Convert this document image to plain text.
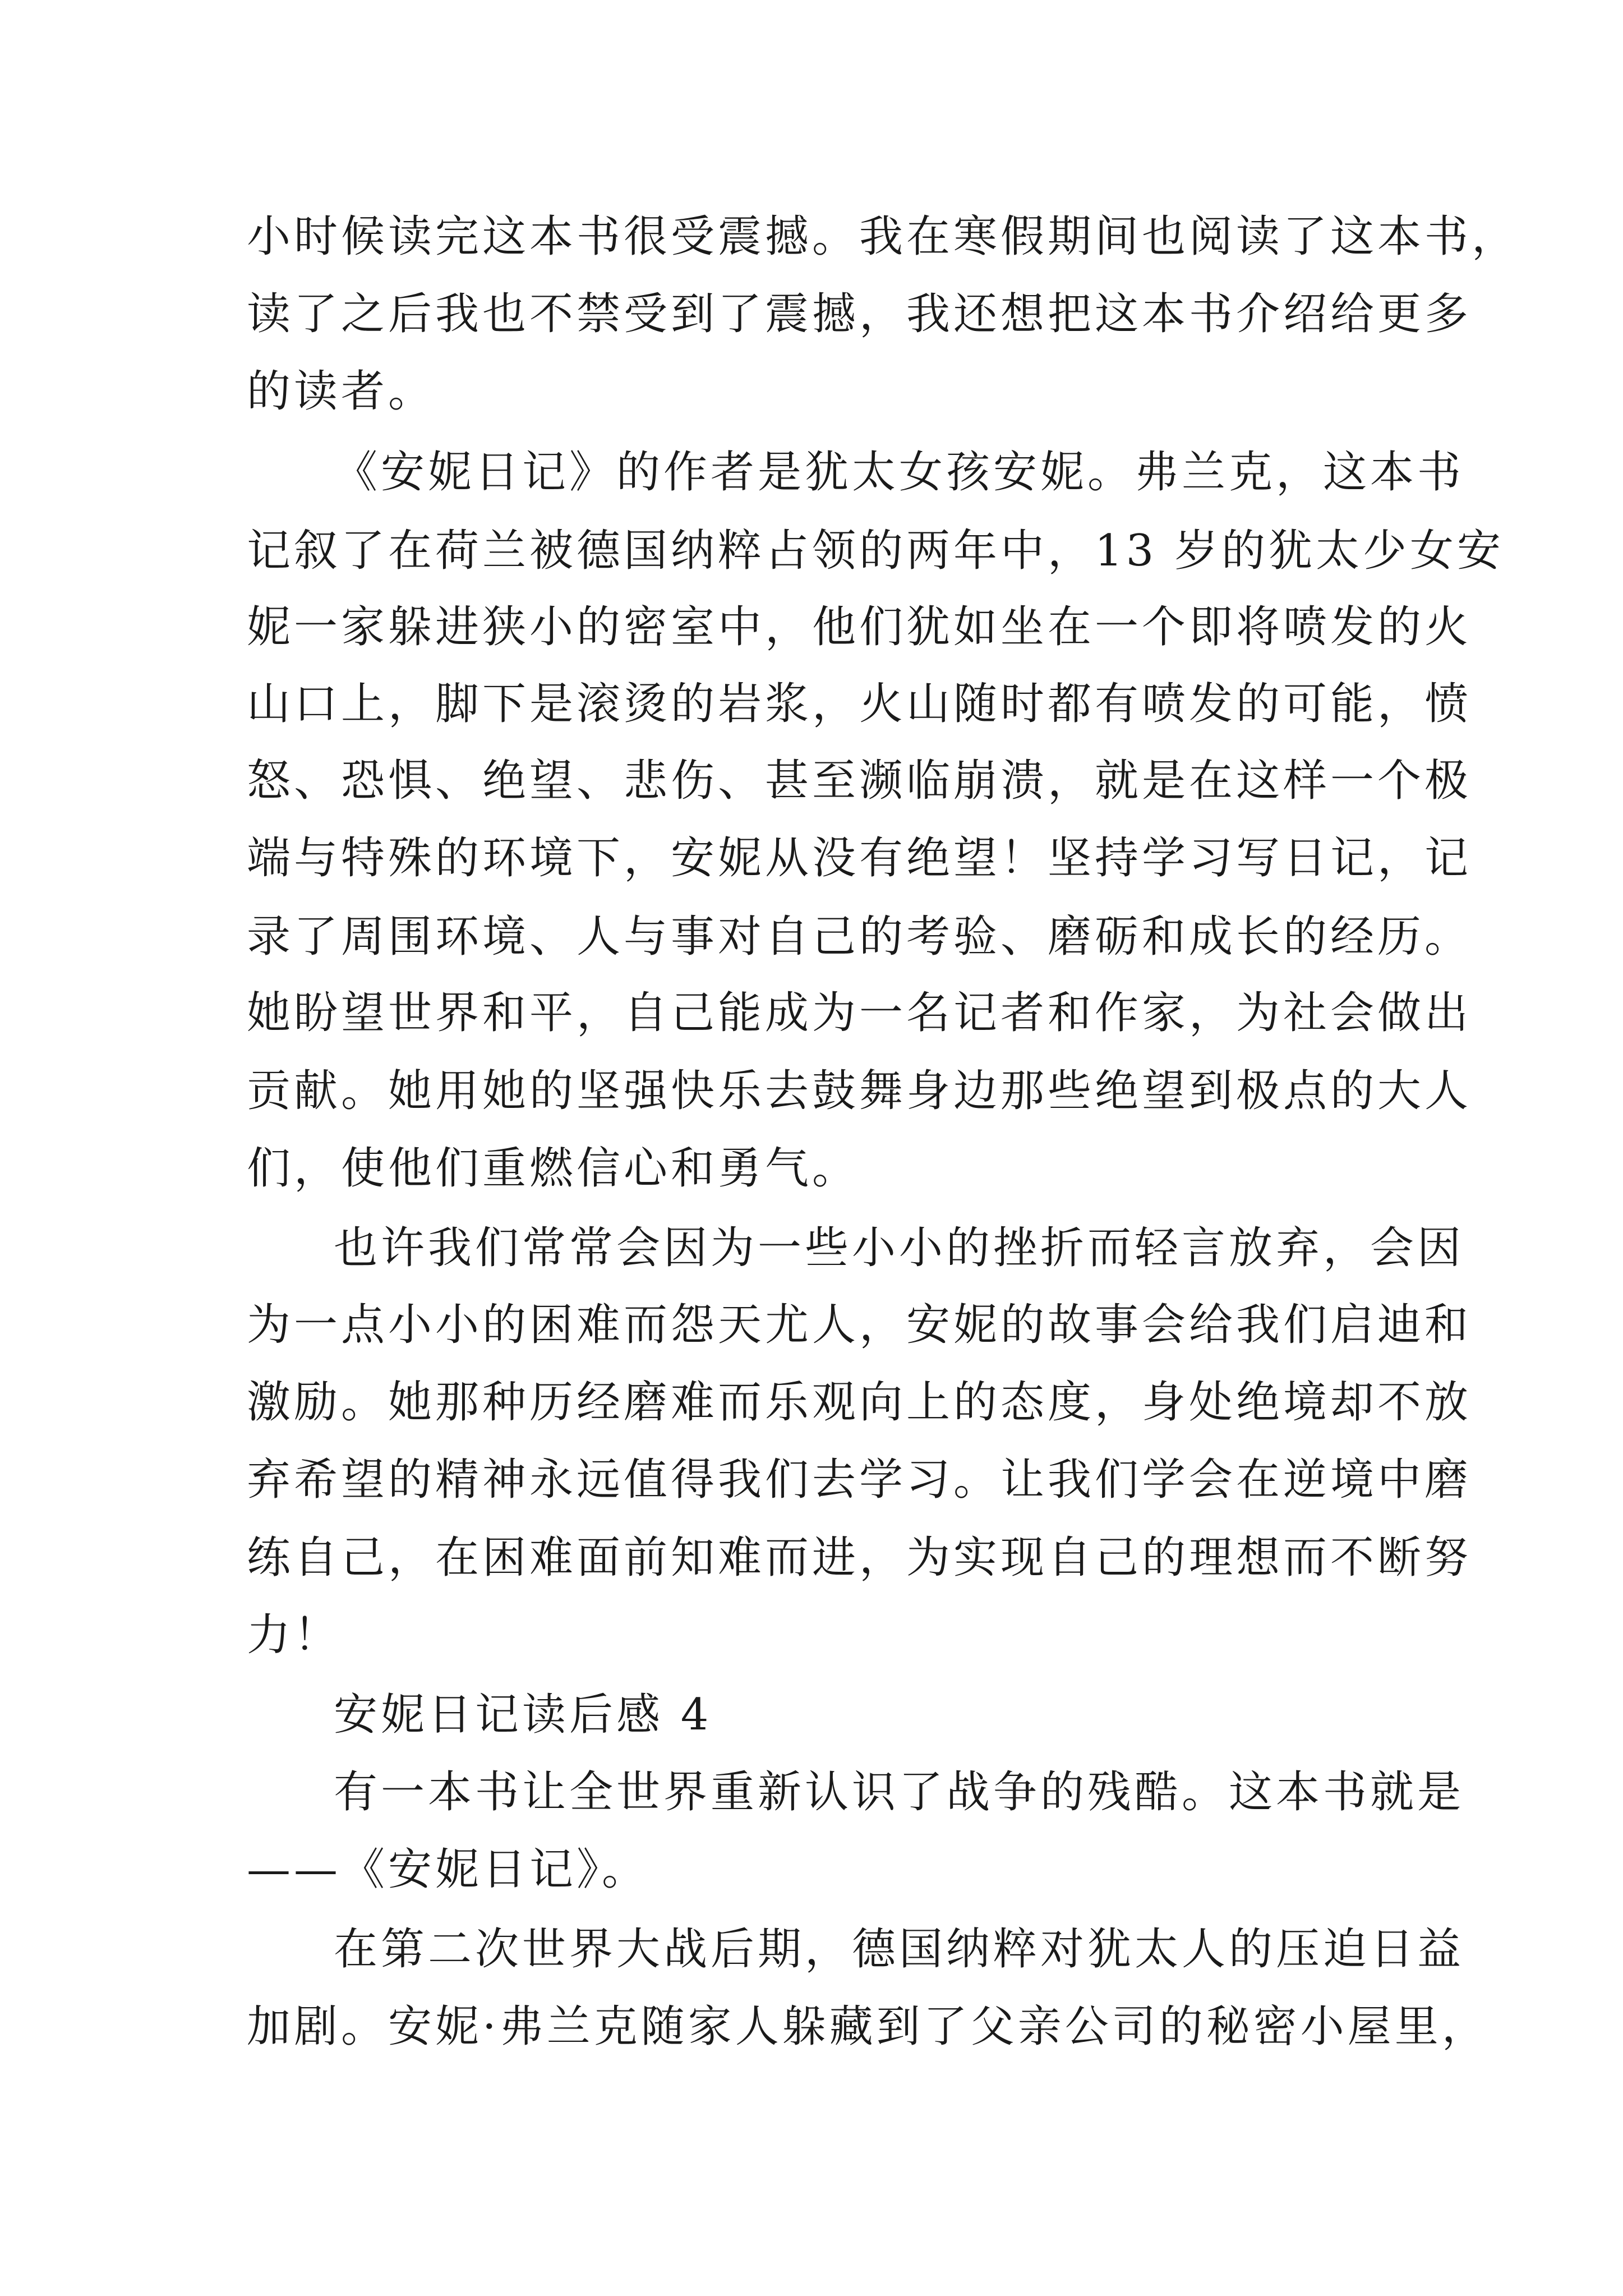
小时候读完这本书很受震撼。我在寒假期间也阅读了这本书，

读了之后我也不禁受到了震撼，我还想把这本书介绍给更多

的读者。

《安妮日记》的作者是犹太女孩安妮。弗兰克，这本书

记叙了在荷兰被德国纳粹占领的两年中，13 岁的犹太少女安

妮一家躲进狭小的密室中，他们犹如坐在一个即将喷发的火

山口上，脚下是滚烫的岩浆，火山随时都有喷发的可能，愤

怒、恐惧、绝望、悲伤、甚至濒临崩溃，就是在这样一个极

端与特殊的环境下，安妮从没有绝望！坚持学习写日记，记

录了周围环境、人与事对自己的考验、磨砺和成长的经历。

她盼望世界和平，自己能成为一名记者和作家，为社会做出

贡献。她用她的坚强快乐去鼓舞身边那些绝望到极点的大人

们，使他们重燃信心和勇气。

也许我们常常会因为一些小小的挫折而轻言放弃，会因

为一点小小的困难而怨天尤人，安妮的故事会给我们启迪和

激励。她那种历经磨难而乐观向上的态度，身处绝境却不放

弃希望的精神永远值得我们去学习。让我们学会在逆境中磨

练自己，在困难面前知难而进，为实现自己的理想而不断努

力！

安妮日记读后感 4

有一本书让全世界重新认识了战争的残酷。这本书就是

——《安妮日记》。

在第二次世界大战后期，德国纳粹对犹太人的压迫日益

加剧。安妮·弗兰克随家人躲藏到了父亲公司的秘密小屋里，
